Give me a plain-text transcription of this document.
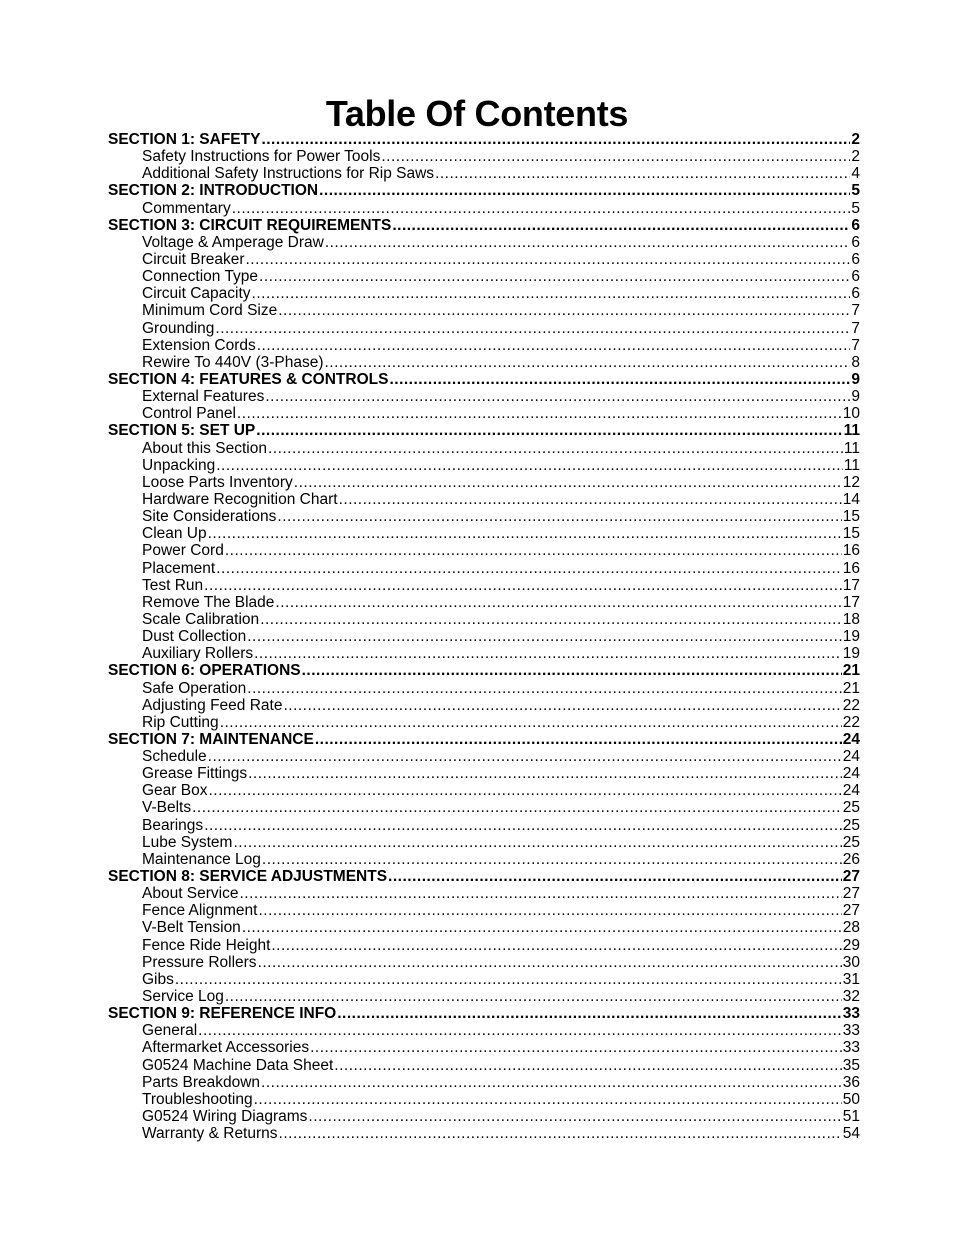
Table Of Contents
SECTION 1: SAFETY .....	2
Safety Instructions for Power Tools .....	2
Additional Safety Instructions for Rip Saws .....	4
SECTION 2: INTRODUCTION .....	5
Commentary .....	5
SECTION 3: CIRCUIT REQUIREMENTS .....	6
Voltage & Amperage Draw .....	6
Circuit Breaker .....	6
Connection Type .....	6
Circuit Capacity .....	6
Minimum Cord Size .....	7
Grounding .....	7
Extension Cords .....	7
Rewire To 440V (3-Phase) .....	8
SECTION 4: FEATURES & CONTROLS .....	9
External Features .....	9
Control Panel .....	10
SECTION 5: SET UP .....	11
About this Section .....	11
Unpacking .....	11
Loose Parts Inventory .....	12
Hardware Recognition Chart .....	14
Site Considerations .....	15
Clean Up .....	15
Power Cord .....	16
Placement .....	16
Test Run .....	17
Remove The Blade .....	17
Scale Calibration .....	18
Dust Collection .....	19
Auxiliary Rollers .....	19
SECTION 6: OPERATIONS .....	21
Safe Operation .....	21
Adjusting Feed Rate .....	22
Rip Cutting .....	22
SECTION 7: MAINTENANCE .....	24
Schedule .....	24
Grease Fittings .....	24
Gear Box .....	24
V-Belts .....	25
Bearings .....	25
Lube System .....	25
Maintenance Log .....	26
SECTION 8: SERVICE ADJUSTMENTS .....	27
About Service .....	27
Fence Alignment .....	27
V-Belt Tension .....	28
Fence Ride Height .....	29
Pressure Rollers .....	30
Gibs .....	31
Service Log .....	32
SECTION 9: REFERENCE INFO .....	33
General .....	33
Aftermarket Accessories .....	33
G0524 Machine Data Sheet .....	35
Parts Breakdown .....	36
Troubleshooting .....	50
G0524 Wiring Diagrams .....	51
Warranty & Returns .....	54
